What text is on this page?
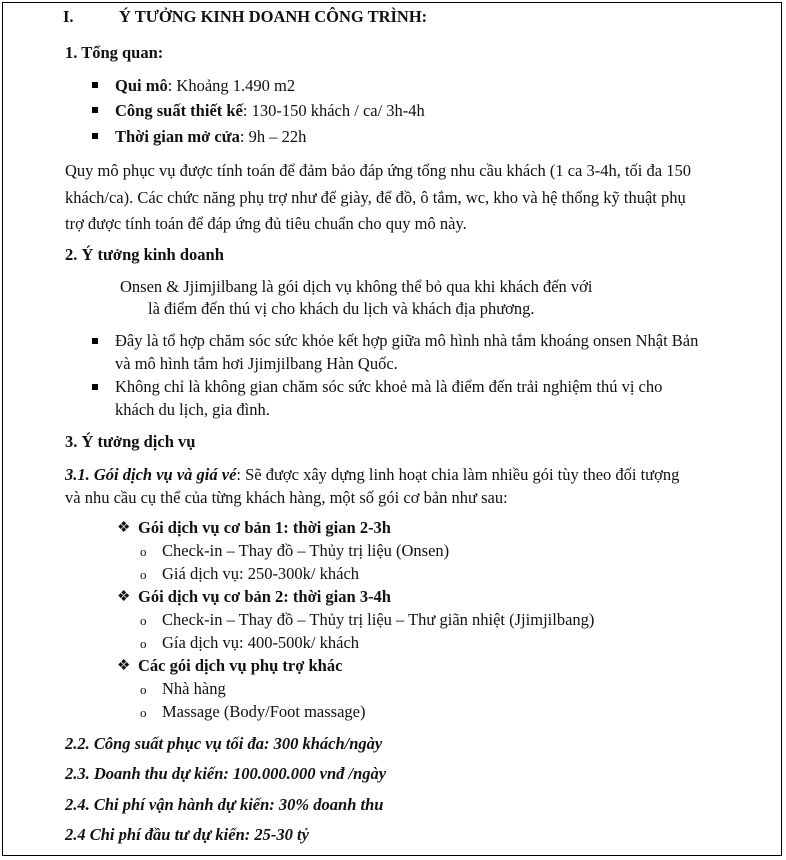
I.	Ý TƯỞNG KINH DOANH CÔNG TRÌNH:
1. Tổng quan:
Qui mô: Khoảng 1.490 m2
Công suất thiết kế: 130-150 khách / ca/ 3h-4h
Thời gian mở cửa: 9h – 22h
Quy mô phục vụ được tính toán để đảm bảo đáp ứng tổng nhu cầu khách (1 ca 3-4h, tối đa 150
khách/ca). Các chức năng phụ trợ như để giày, để đồ, ô tắm, wc, kho và hệ thống kỹ thuật phụ
trợ được tính toán để đáp ứng đủ tiêu chuẩn cho quy mô này.
2. Ý tưởng kinh doanh
Onsen & Jjimjilbang là gói dịch vụ không thể bỏ qua khi khách đến với
là điểm đến thú vị cho khách du lịch và khách địa phương.
Đây là tổ hợp chăm sóc sức khỏe kết hợp giữa mô hình nhà tắm khoáng onsen Nhật Bản
và mô hình tắm hơi Jjimjilbang Hàn Quốc.
Không chỉ là không gian chăm sóc sức khoẻ mà là điểm đến trải nghiệm thú vị cho
khách du lịch, gia đình.
3. Ý tưởng dịch vụ
3.1. Gói dịch vụ và giá vé: Sẽ được xây dựng linh hoạt chia làm nhiều gói tùy theo đối tượng
và nhu cầu cụ thể của từng khách hàng, một số gói cơ bản như sau:
❖ Gói dịch vụ cơ bản 1: thời gian 2-3h
o Check-in – Thay đồ – Thủy trị liệu (Onsen)
o Giá dịch vụ: 250-300k/ khách
❖ Gói dịch vụ cơ bản 2: thời gian 3-4h
o Check-in – Thay đồ – Thủy trị liệu – Thư giãn nhiệt (Jjimjilbang)
o Gía dịch vụ: 400-500k/ khách
❖ Các gói dịch vụ phụ trợ khác
o Nhà hàng
o Massage (Body/Foot massage)
2.2. Công suất phục vụ tối đa: 300 khách/ngày
2.3. Doanh thu dự kiến: 100.000.000 vnđ /ngày
2.4. Chi phí vận hành dự kiến: 30% doanh thu
2.4 Chi phí đầu tư dự kiến: 25-30 tỷ
